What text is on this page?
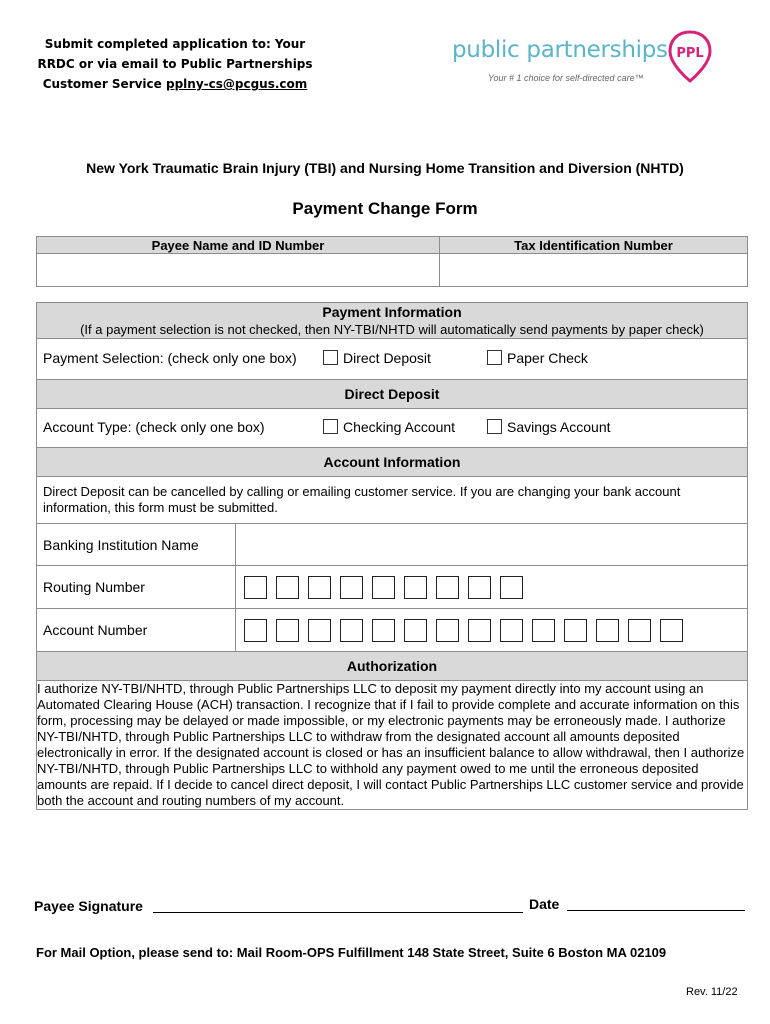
Submit completed application to: Your
RRDC or via email to Public Partnerships
Customer Service pplny-cs@pcgus.com
public partnerships
Your # 1 choice for self-directed care™
PPL
New York Traumatic Brain Injury (TBI) and Nursing Home Transition and Diversion (NHTD)
Payment Change Form
Payee Name and ID Number	Tax Identification Number

Payment Information
(If a payment selection is not checked, then NY-TBI/NHTD will automatically send payments by paper check)	

Payment Selection: (check only one box) Direct Deposit Paper Check	

Direct Deposit	

Account Type: (check only one box) Checking Account Savings Account	

Account Information	
Direct Deposit can be cancelled by calling or emailing customer service. If you are changing your bank account information, this form must be submitted.	
Banking Institution Name	
Routing Number	
Account Number	
Authorization	
I authorize NY-TBI/NHTD, through Public Partnerships LLC to deposit my payment directly into my account using an Automated Clearing House (ACH) transaction. I recognize that if I fail to provide complete and accurate information on this form, processing may be delayed or made impossible, or my electronic payments may be erroneously made. I authorize NY-TBI/NHTD, through Public Partnerships LLC to withdraw from the designated account all amounts deposited electronically in error. If the designated account is closed or has an insufficient balance to allow withdrawal, then I authorize NY-TBI/NHTD, through Public Partnerships LLC to withhold any payment owed to me until the erroneous deposited amounts are repaid. If I decide to cancel direct deposit, I will contact Public Partnerships LLC customer service and provide both the account and routing numbers of my account.	
Payee Signature	Date
For Mail Option, please send to: Mail Room-OPS Fulfillment 148 State Street, Suite 6 Boston MA 02109
Rev. 11/22
